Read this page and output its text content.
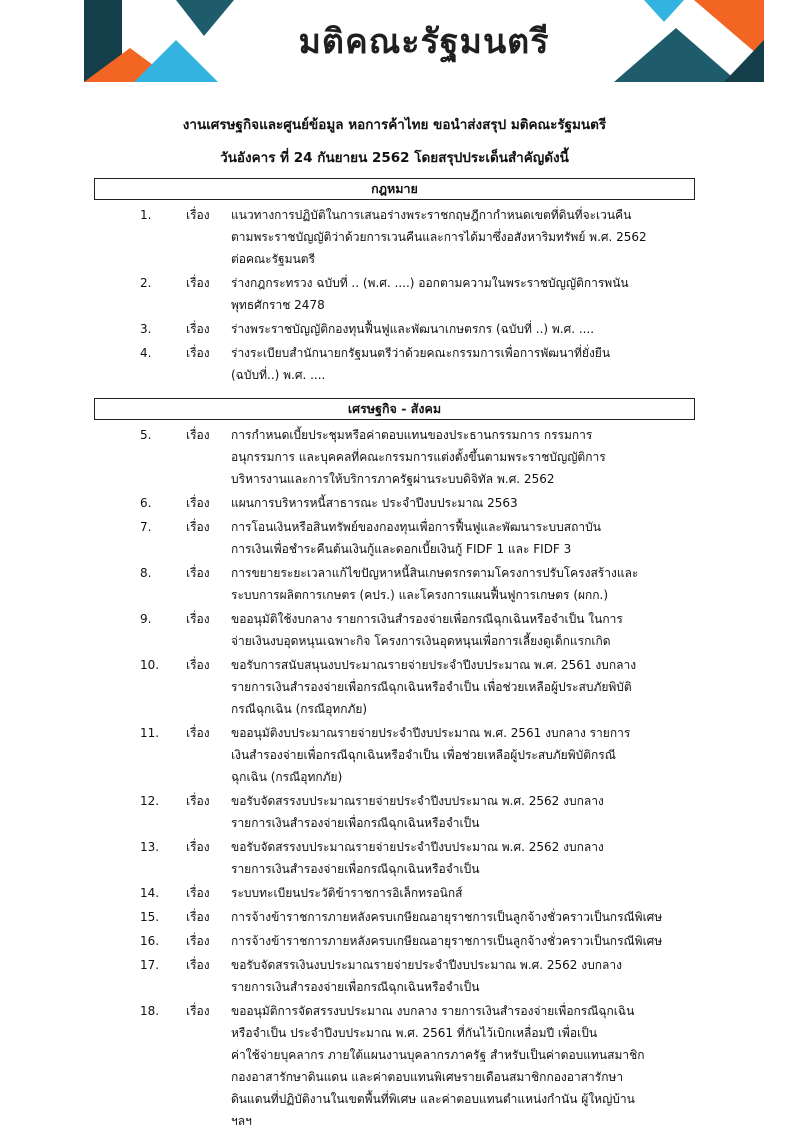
มติคณะรัฐมนตรี
งานเศรษฐกิจและศูนย์ข้อมูล หอการค้าไทย ขอนำส่งสรุป มติคณะรัฐมนตรี
วันอังคาร ที่ 24 กันยายน 2562 โดยสรุปประเด็นสำคัญดังนี้
กฎหมาย
1.	เรื่อง	แนวทางการปฏิบัติในการเสนอร่างพระราชกฤษฎีกากำหนดเขตที่ดินที่จะเวนคืน
ตามพระราชบัญญัติว่าด้วยการเวนคืนและการได้มาซึ่งอสังหาริมทรัพย์ พ.ศ. 2562
ต่อคณะรัฐมนตรี
2.	เรื่อง	ร่างกฎกระทรวง ฉบับที่ .. (พ.ศ. ....) ออกตามความในพระราชบัญญัติการพนัน
พุทธศักราช 2478
3.	เรื่อง	ร่างพระราชบัญญัติกองทุนฟื้นฟูและพัฒนาเกษตรกร (ฉบับที่ ..) พ.ศ. ....
4.	เรื่อง	ร่างระเบียบสำนักนายกรัฐมนตรีว่าด้วยคณะกรรมการเพื่อการพัฒนาที่ยั่งยืน
(ฉบับที่..) พ.ศ. ....
เศรษฐกิจ - สังคม
5.	เรื่อง	การกำหนดเบี้ยประชุมหรือค่าตอบแทนของประธานกรรมการ กรรมการ
อนุกรรมการ และบุคคลที่คณะกรรมการแต่งตั้งขึ้นตามพระราชบัญญัติการ
บริหารงานและการให้บริการภาครัฐผ่านระบบดิจิทัล พ.ศ. 2562
6.	เรื่อง	แผนการบริหารหนี้สาธารณะ ประจำปีงบประมาณ 2563
7.	เรื่อง	การโอนเงินหรือสินทรัพย์ของกองทุนเพื่อการฟื้นฟูและพัฒนาระบบสถาบัน
การเงินเพื่อชำระคืนต้นเงินกู้และดอกเบี้ยเงินกู้ FIDF 1 และ FIDF 3
8.	เรื่อง	การขยายระยะเวลาแก้ไขปัญหาหนี้สินเกษตรกรตามโครงการปรับโครงสร้างและ
ระบบการผลิตการเกษตร (คปร.) และโครงการแผนฟื้นฟูการเกษตร (ผกก.)
9.	เรื่อง	ขออนุมัติใช้งบกลาง รายการเงินสำรองจ่ายเพื่อกรณีฉุกเฉินหรือจำเป็น ในการ
จ่ายเงินงบอุดหนุนเฉพาะกิจ โครงการเงินอุดหนุนเพื่อการเลี้ยงดูเด็กแรกเกิด
10.	เรื่อง	ขอรับการสนับสนุนงบประมาณรายจ่ายประจำปีงบประมาณ พ.ศ. 2561 งบกลาง
รายการเงินสำรองจ่ายเพื่อกรณีฉุกเฉินหรือจำเป็น เพื่อช่วยเหลือผู้ประสบภัยพิบัติ
กรณีฉุกเฉิน (กรณีอุทกภัย)
11.	เรื่อง	ขออนุมัติงบประมาณรายจ่ายประจำปีงบประมาณ พ.ศ. 2561 งบกลาง รายการ
เงินสำรองจ่ายเพื่อกรณีฉุกเฉินหรือจำเป็น เพื่อช่วยเหลือผู้ประสบภัยพิบัติกรณี
ฉุกเฉิน (กรณีอุทกภัย)
12.	เรื่อง	ขอรับจัดสรรงบประมาณรายจ่ายประจำปีงบประมาณ พ.ศ. 2562 งบกลาง
รายการเงินสำรองจ่ายเพื่อกรณีฉุกเฉินหรือจำเป็น
13.	เรื่อง	ขอรับจัดสรรงบประมาณรายจ่ายประจำปีงบประมาณ พ.ศ. 2562 งบกลาง
รายการเงินสำรองจ่ายเพื่อกรณีฉุกเฉินหรือจำเป็น
14.	เรื่อง	ระบบทะเบียนประวัติข้าราชการอิเล็กทรอนิกส์
15.	เรื่อง	การจ้างข้าราชการภายหลังครบเกษียณอายุราชการเป็นลูกจ้างชั่วคราวเป็นกรณีพิเศษ
16.	เรื่อง	การจ้างข้าราชการภายหลังครบเกษียณอายุราชการเป็นลูกจ้างชั่วคราวเป็นกรณีพิเศษ
17.	เรื่อง	ขอรับจัดสรรเงินงบประมาณรายจ่ายประจำปีงบประมาณ พ.ศ. 2562 งบกลาง
รายการเงินสำรองจ่ายเพื่อกรณีฉุกเฉินหรือจำเป็น
18.	เรื่อง	ขออนุมัติการจัดสรรงบประมาณ งบกลาง รายการเงินสำรองจ่ายเพื่อกรณีฉุกเฉิน
หรือจำเป็น ประจำปีงบประมาณ พ.ศ. 2561 ที่กันไว้เบิกเหลื่อมปี เพื่อเป็น
ค่าใช้จ่ายบุคลากร ภายใต้แผนงานบุคลากรภาครัฐ สำหรับเป็นค่าตอบแทนสมาชิก
กองอาสารักษาดินแดน และค่าตอบแทนพิเศษรายเดือนสมาชิกกองอาสารักษา
ดินแดนที่ปฏิบัติงานในเขตพื้นที่พิเศษ และค่าตอบแทนตำแหน่งกำนัน ผู้ใหญ่บ้าน
ฯลฯ
